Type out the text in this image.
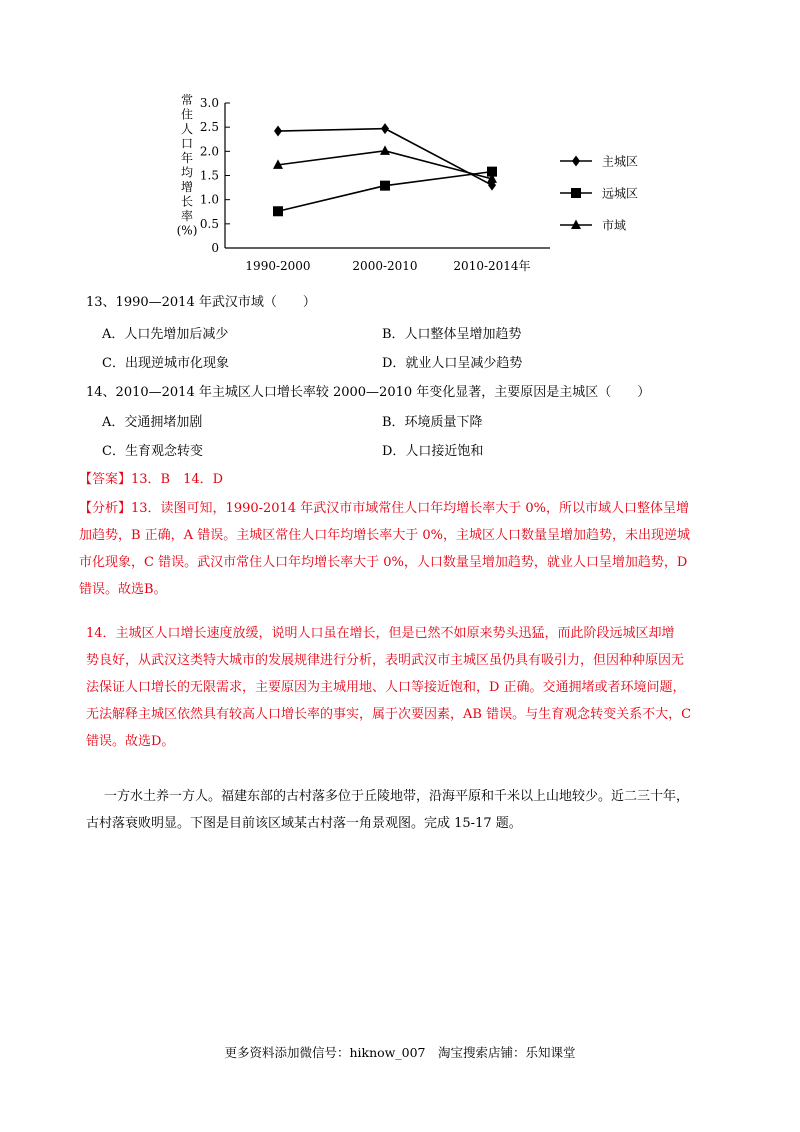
常
住
人
口
年
均
增
长
率
(%)
0
0.5
1.0
1.5
2.0
2.5
3.0
1990-2000	2000-2010	2010-2014年
主城区
远城区
市域
13、1990—2014 年武汉市域（　　）
A．人口先增加后减少	B．人口整体呈增加趋势
C．出现逆城市化现象	D．就业人口呈减少趋势
14、2010—2014 年主城区人口增长率较 2000—2010 年变化显著，主要原因是主城区（　　）
A．交通拥堵加剧	B．环境质量下降
C．生育观念转变	D．人口接近饱和
【答案】13．B　14．D
【分析】13．读图可知，1990-2014 年武汉市市域常住人口年均增长率大于 0%，所以市域人口整体呈增
加趋势，B 正确，A 错误。主城区常住人口年均增长率大于 0%，主城区人口数量呈增加趋势，未出现逆城
市化现象，C 错误。武汉市常住人口年均增长率大于 0%，人口数量呈增加趋势，就业人口呈增加趋势，D
错误。故选B。
14．主城区人口增长速度放缓，说明人口虽在增长，但是已然不如原来势头迅猛，而此阶段远城区却增
势良好，从武汉这类特大城市的发展规律进行分析，表明武汉市主城区虽仍具有吸引力，但因种种原因无
法保证人口增长的无限需求，主要原因为主城用地、人口等接近饱和，D 正确。交通拥堵或者环境问题，
无法解释主城区依然具有较高人口增长率的事实，属于次要因素，AB 错误。与生育观念转变关系不大，C
错误。故选D。
一方水土养一方人。福建东部的古村落多位于丘陵地带，沿海平原和千米以上山地较少。近二三十年，
古村落衰败明显。下图是目前该区域某古村落一角景观图。完成 15-17 题。
更多资料添加微信号：hiknow_007　淘宝搜索店铺：乐知课堂
